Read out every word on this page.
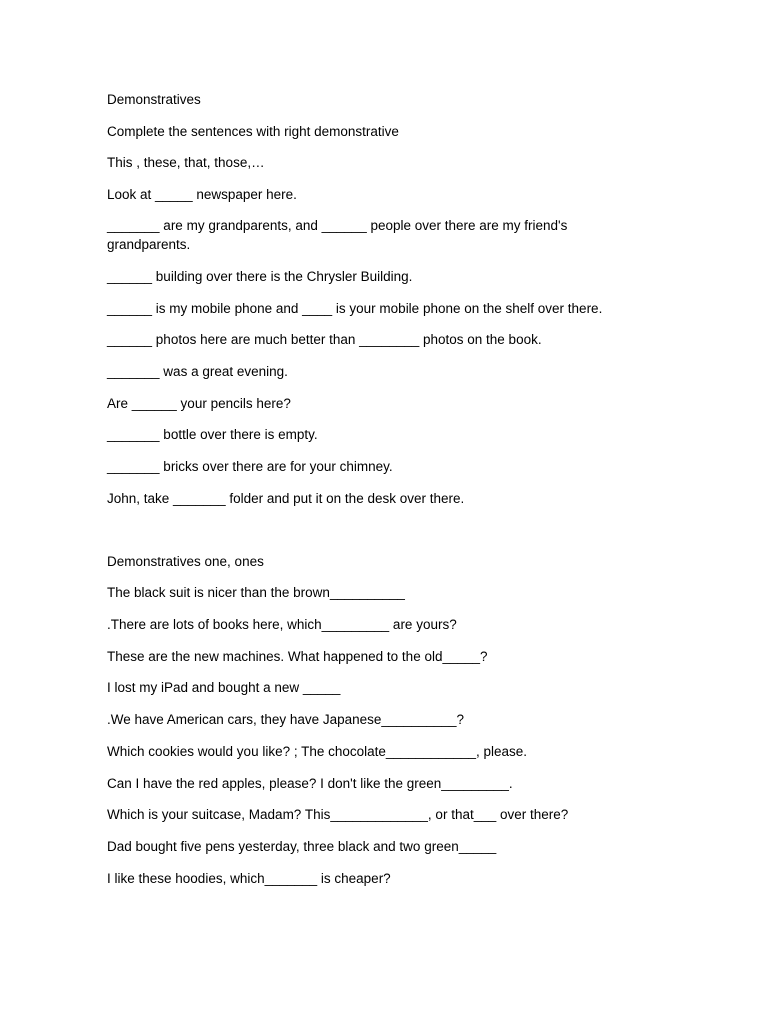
Demonstratives
Complete the sentences with right demonstrative
This , these, that, those,…
Look at _____ newspaper here.
_______ are my grandparents, and ______ people over there are my friend's grandparents.
______ building over there is the Chrysler Building.
______ is my mobile phone and ____ is your mobile phone on the shelf over there.
______ photos here are much better than ________ photos on the book.
_______ was a great evening.
Are ______ your pencils here?
_______ bottle over there is empty.
_______ bricks over there are for your chimney.
John, take _______ folder and put it on the desk over there.
Demonstratives one, ones
The black suit is nicer than the brown__________
.There are lots of books here, which_________ are yours?
These are the new machines. What happened to the old_____?
I lost my iPad and bought a new _____
.We have American cars, they have Japanese__________?
Which cookies would you like? ; The chocolate____________, please.
Can I have the red apples, please? I don't like the green_________.
Which is your suitcase, Madam? This_____________, or that___ over there?
Dad bought five pens yesterday, three black and two green_____
I like these hoodies, which_______ is cheaper?
